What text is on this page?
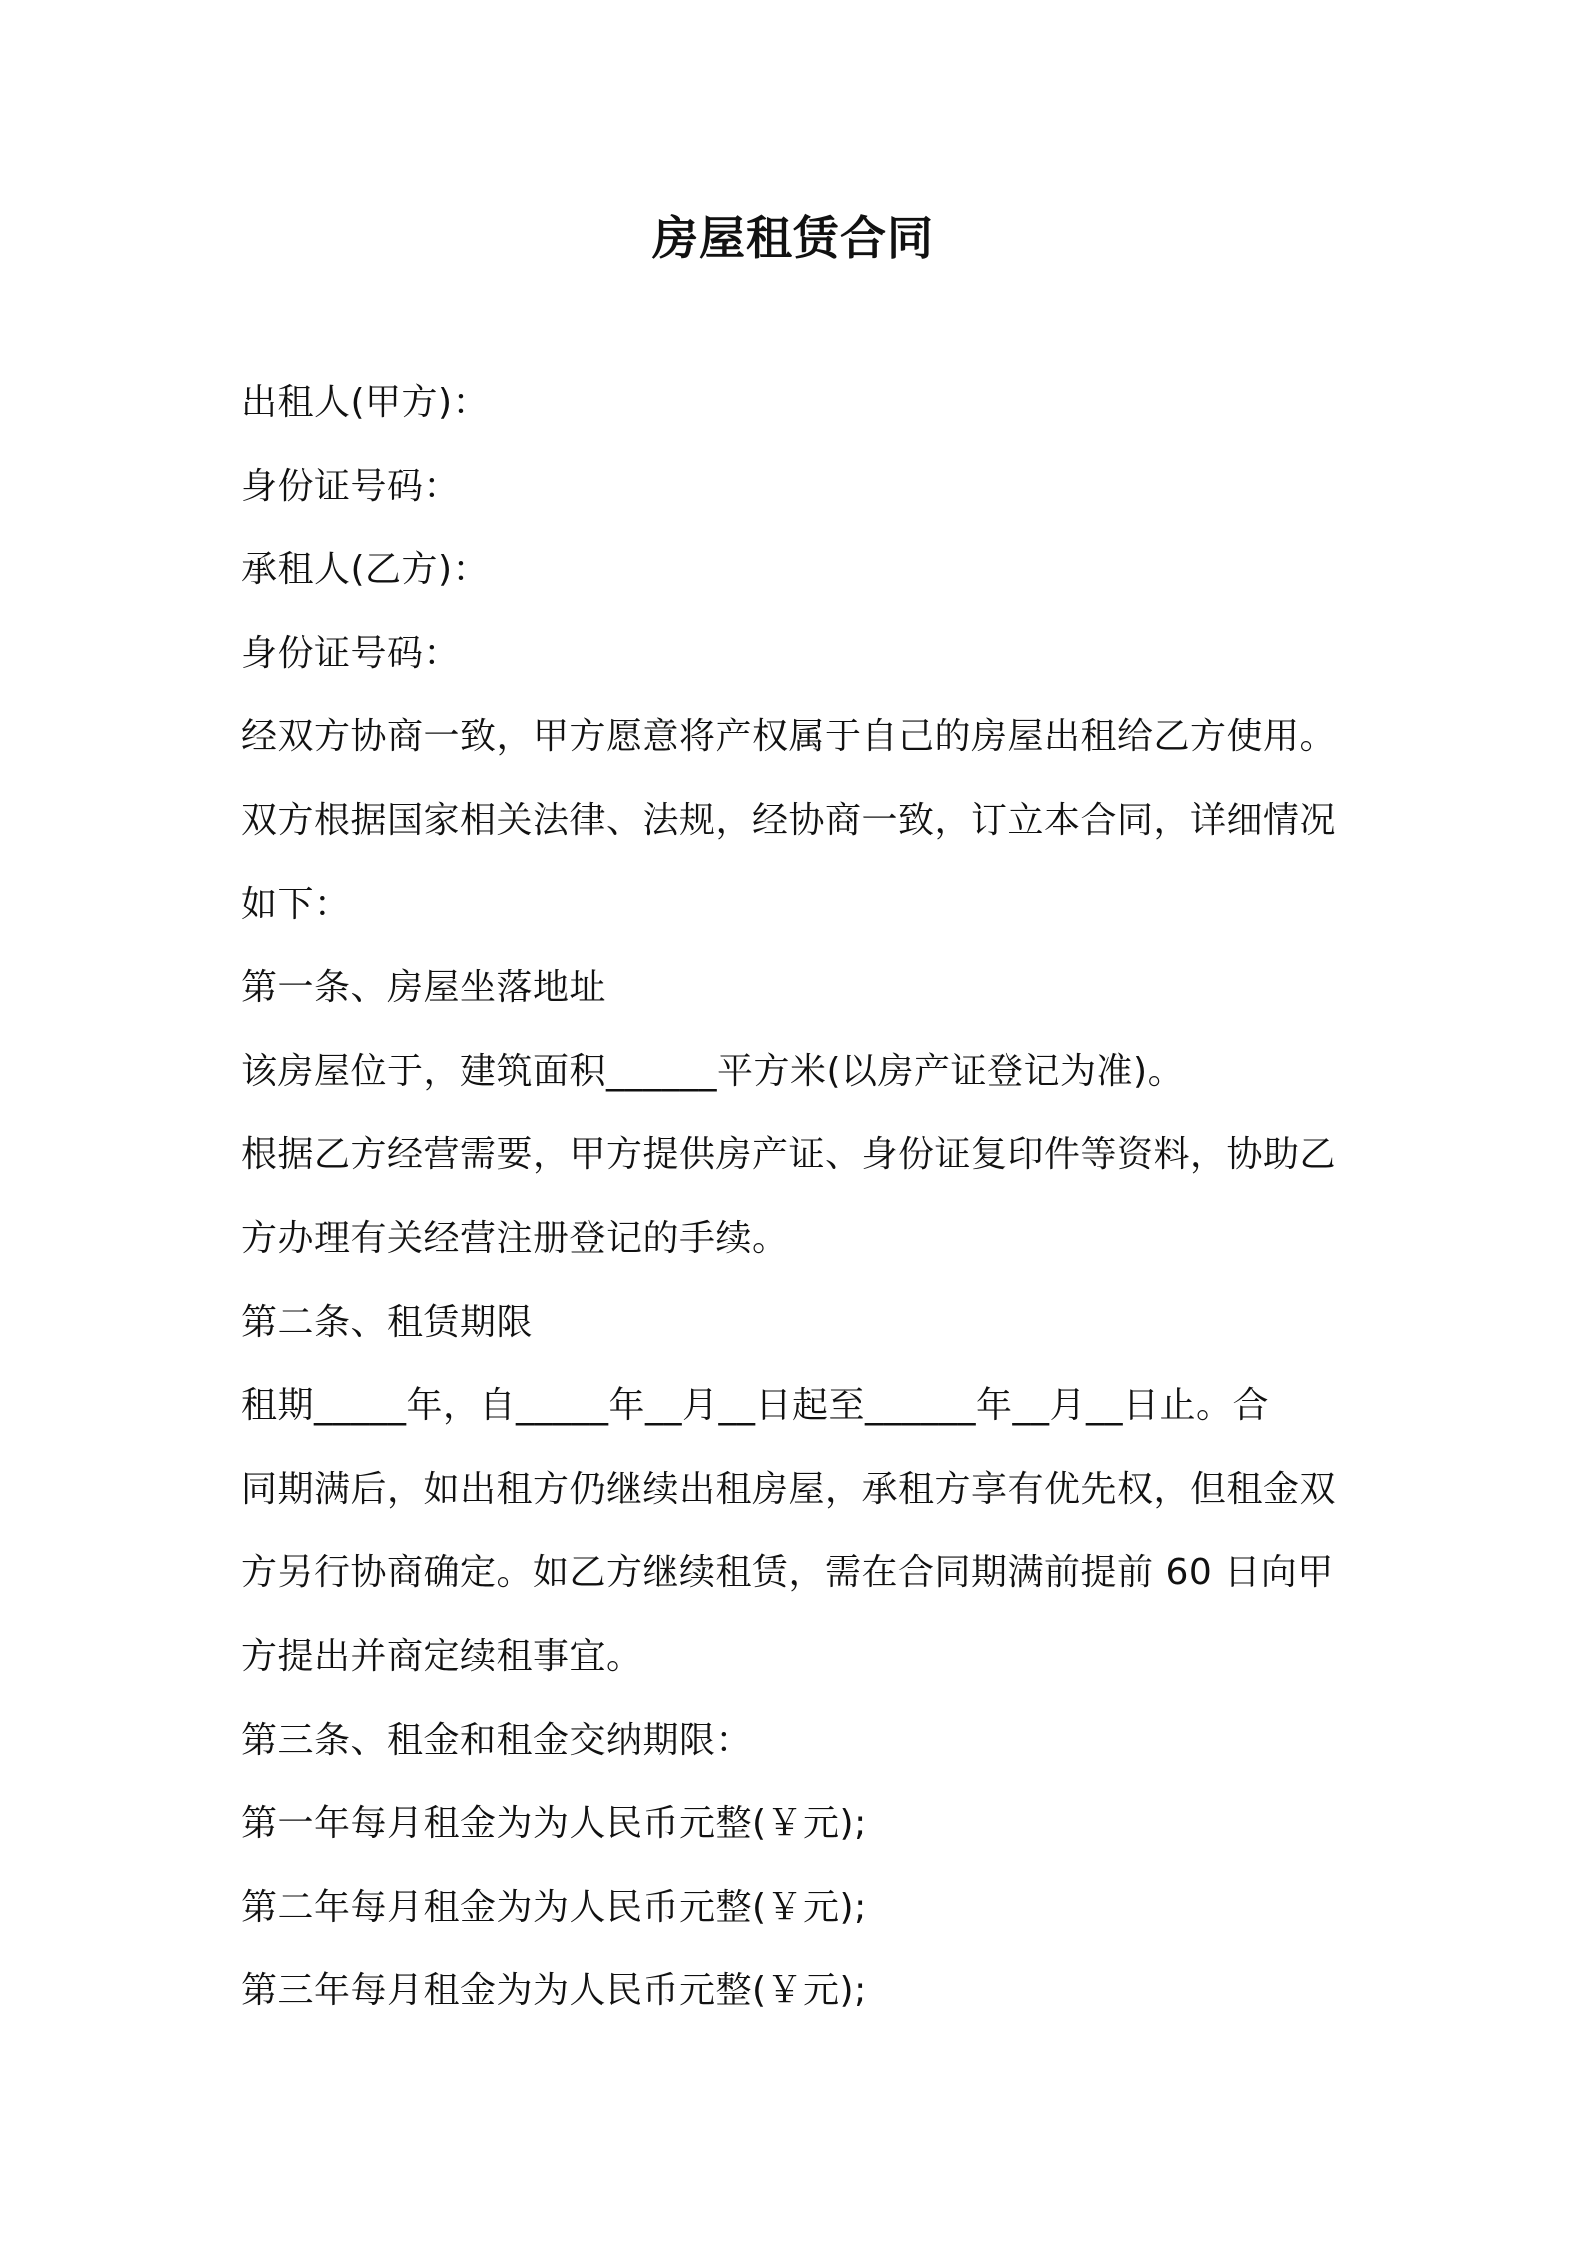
房屋租赁合同
出租人(甲方)：
身份证号码：
承租人(乙方)：
身份证号码：
经双方协商一致，甲方愿意将产权属于自己的房屋出租给乙方使用。
双方根据国家相关法律、法规，经协商一致，订立本合同，详细情况
如下：
第一条、房屋坐落地址
该房屋位于，建筑面积______平方米(以房产证登记为准)。
根据乙方经营需要，甲方提供房产证、身份证复印件等资料，协助乙
方办理有关经营注册登记的手续。
第二条、租赁期限
租期_____年，自_____年__月__日起至______年__月__日止。合
同期满后，如出租方仍继续出租房屋，承租方享有优先权，但租金双
方另行协商确定。如乙方继续租赁，需在合同期满前提前 60 日向甲
方提出并商定续租事宜。
第三条、租金和租金交纳期限：
第一年每月租金为为人民币元整(￥元);
第二年每月租金为为人民币元整(￥元);
第三年每月租金为为人民币元整(￥元);
